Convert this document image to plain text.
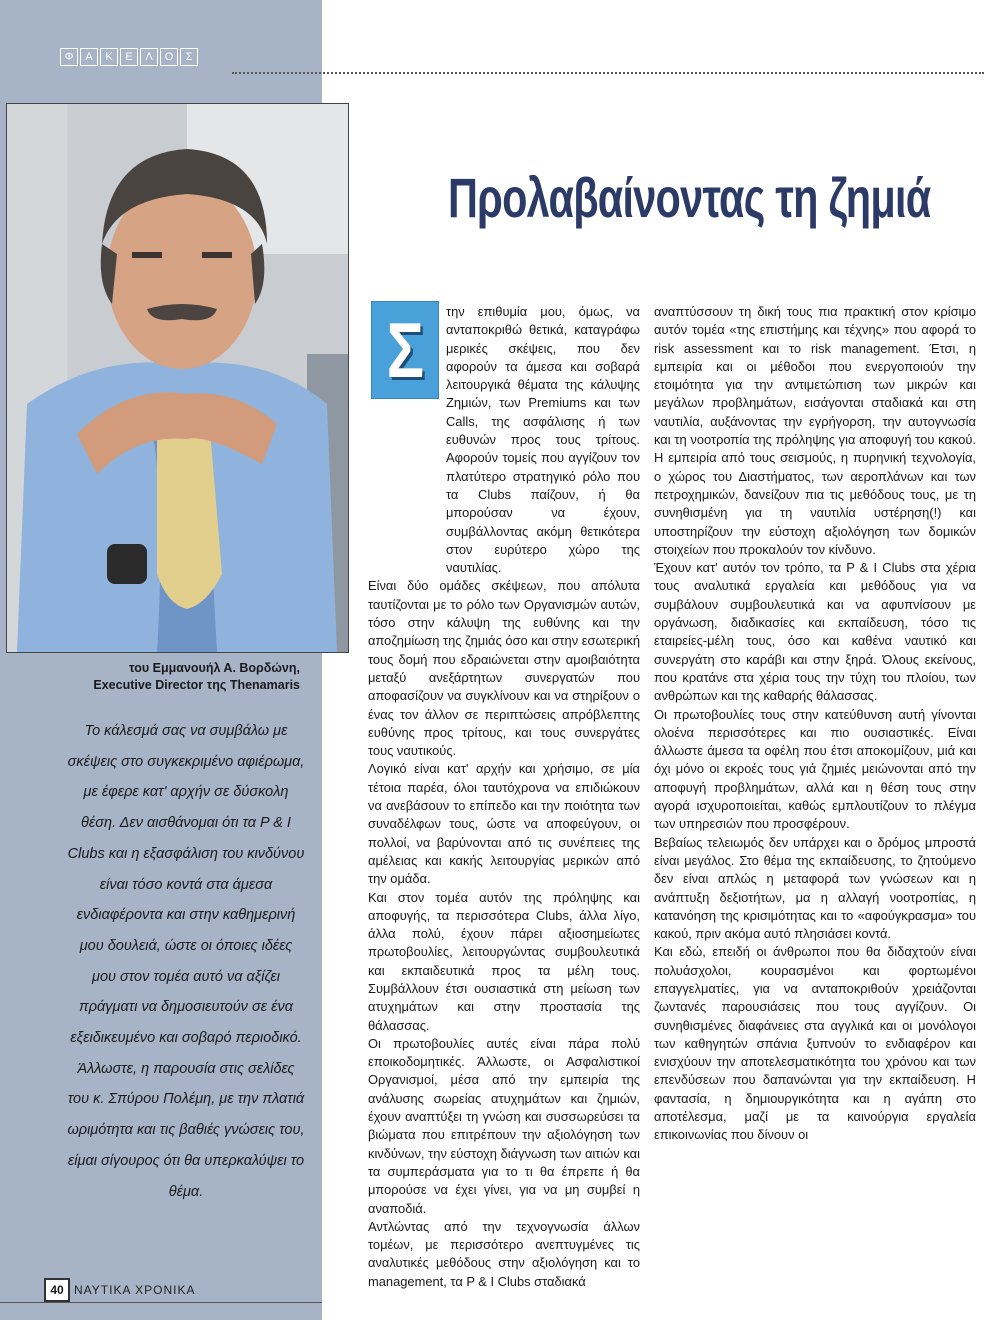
Φ	Α	Κ	Ε	Λ	Ο	Σ
του Εμμανουήλ Α. Βορδώνη,
Executive Director της Thenamaris

Το κάλεσμά σας να συμβάλω με σκέψεις στο συγκεκριμένο αφιέρωμα, με έφερε κατ' αρχήν σε δύσκολη θέση. Δεν αισθάνομαι ότι τα P & I Clubs και η εξασφάλιση του κινδύνου είναι τόσο κοντά στα άμεσα ενδιαφέροντα και στην καθημερινή μου δουλειά, ώστε οι όποιες ιδέες μου στον τομέα αυτό να αξίζει πράγματι να δημοσιευτούν σε ένα εξειδικευμένο και σοβαρό περιοδικό.

Άλλωστε, η παρουσία στις σελίδες του κ. Σπύρου Πολέμη, με την πλατιά ωριμότητα και τις βαθιές γνώσεις του, είμαι σίγουρος ότι θα υπερκαλύψει το θέμα.

40 ΝΑΥΤΙΚΑ ΧΡΟΝΙΚΑ
Προλαβαίνοντας τη ζημιά
Σ	την επιθυμία μου, όμως, να ανταποκριθώ θετικά, καταγράφω μερικές σκέψεις, που δεν αφορούν τα άμεσα και σοβαρά λειτουργικά θέματα της κάλυψης Ζημιών, των Premiums και των Calls, της ασφάλισης ή των ευθυνών προς τους τρίτους. Αφορούν τομείς που αγγίζουν τον πλατύτερο στρατηγικό ρόλο που τα Clubs παίζουν, ή θα μπορούσαν να έχουν, συμβάλλοντας ακόμη θετικότερα στον ευρύτερο χώρο της ναυτιλίας.

Είναι δύο ομάδες σκέψεων, που απόλυτα ταυτίζονται με το ρόλο των Οργανισμών αυτών, τόσο στην κάλυψη της ευθύνης και την αποζημίωση της ζημιάς όσο και στην εσωτερική τους δομή που εδραιώνεται στην αμοιβαιότητα μεταξύ ανεξάρτητων συνεργατών που αποφασίζουν να συγκλίνουν και να στηρίξουν ο ένας τον άλλον σε περιπτώσεις απρόβλεπτης ευθύνης προς τρίτους, και τους συνεργάτες τους ναυτικούς.

Λογικό είναι κατ' αρχήν και χρήσιμο, σε μία τέτοια παρέα, όλοι ταυτόχρονα να επιδιώκουν να ανεβάσουν το επίπεδο και την ποιότητα των συναδέλφων τους, ώστε να αποφεύγουν, οι πολλοί, να βαρύνονται από τις συνέπειες της αμέλειας και κακής λειτουργίας μερικών από την ομάδα.

Και στον τομέα αυτόν της πρόληψης και αποφυγής, τα περισσότερα Clubs, άλλα λίγο, άλλα πολύ, έχουν πάρει αξιοσημείωτες πρωτοβουλίες, λειτουργώντας συμβουλευτικά και εκπαιδευτικά προς τα μέλη τους. Συμβάλλουν έτσι ουσιαστικά στη μείωση των ατυχημάτων και στην προστασία της θάλασσας.

Οι πρωτοβουλίες αυτές είναι πάρα πολύ εποικοδομητικές. Άλλωστε, οι Ασφαλιστικοί Οργανισμοί, μέσα από την εμπειρία της ανάλυσης σωρείας ατυχημάτων και ζημιών, έχουν αναπτύξει τη γνώση και συσσωρεύσει τα βιώματα που επιτρέπουν την αξιολόγηση των κινδύνων, την εύστοχη διάγνωση των αιτιών και τα συμπεράσματα για το τι θα έπρεπε ή θα μπορούσε να έχει γίνει, για να μη συμβεί η αναποδιά.

Αντλώντας από την τεχνογνωσία άλλων τομέων, με περισσότερο ανεπτυγμένες τις αναλυτικές μεθόδους στην αξιολόγηση και το management, τα P & I Clubs σταδιακά

αναπτύσσουν τη δική τους πια πρακτική στον κρίσιμο αυτόν τομέα «της επιστήμης και τέχνης» που αφορά το risk assessment και το risk management. Έτσι, η εμπειρία και οι μέθοδοι που ενεργοποιούν την ετοιμότητα για την αντιμετώπιση των μικρών και μεγάλων προβλημάτων, εισάγονται σταδιακά και στη ναυτιλία, αυξάνοντας την εγρήγορση, την αυτογνωσία και τη νοοτροπία της πρόληψης για αποφυγή του κακού. Η εμπειρία από τους σεισμούς, η πυρηνική τεχνολογία, ο χώρος του Διαστήματος, των αεροπλάνων και των πετροχημικών, δανείζουν πια τις μεθόδους τους, με τη συνηθισμένη για τη ναυτιλία υστέρηση(!) και υποστηρίζουν την εύστοχη αξιολόγηση των δομικών στοιχείων που προκαλούν τον κίνδυνο.

Έχουν κατ' αυτόν τον τρόπο, τα P & I Clubs στα χέρια τους αναλυτικά εργαλεία και μεθόδους για να συμβάλουν συμβουλευτικά και να αφυπνίσουν με οργάνωση, διαδικασίες και εκπαίδευση, τόσο τις εταιρείες-μέλη τους, όσο και καθένα ναυτικό και συνεργάτη στο καράβι και στην ξηρά. Όλους εκείνους, που κρατάνε στα χέρια τους την τύχη του πλοίου, των ανθρώπων και της καθαρής θάλασσας.

Οι πρωτοβουλίες τους στην κατεύθυνση αυτή γίνονται ολοένα περισσότερες και πιο ουσιαστικές. Είναι άλλωστε άμεσα τα οφέλη που έτσι αποκομίζουν, μιά και όχι μόνο οι εκροές τους γιά ζημιές μειώνονται από την αποφυγή προβλημάτων, αλλά και η θέση τους στην αγορά ισχυροποιείται, καθώς εμπλουτίζουν το πλέγμα των υπηρεσιών που προσφέρουν.

Βεβαίως τελειωμός δεν υπάρχει και ο δρόμος μπροστά είναι μεγάλος. Στο θέμα της εκπαίδευσης, το ζητούμενο δεν είναι απλώς η μεταφορά των γνώσεων και η ανάπτυξη δεξιοτήτων, μα η αλλαγή νοοτροπίας, η κατανόηση της κρισιμότητας και το «αφούγκρασμα» του κακού, πριν ακόμα αυτό πλησιάσει κοντά.

Και εδώ, επειδή οι άνθρωποι που θα διδαχτούν είναι πολυάσχολοι, κουρασμένοι και φορτωμένοι επαγγελματίες, για να ανταποκριθούν χρειάζονται ζωντανές παρουσιάσεις που τους αγγίζουν. Οι συνηθισμένες διαφάνειες στα αγγλικά και οι μονόλογοι των καθηγητών σπάνια ξυπνούν το ενδιαφέρον και ενισχύουν την αποτελεσματικότητα του χρόνου και των επενδύσεων που δαπανώνται για την εκπαίδευση. Η φαντασία, η δημιουργικότητα και η αγάπη στο αποτέλεσμα, μαζί με τα καινούργια εργαλεία επικοινωνίας που δίνουν οι
